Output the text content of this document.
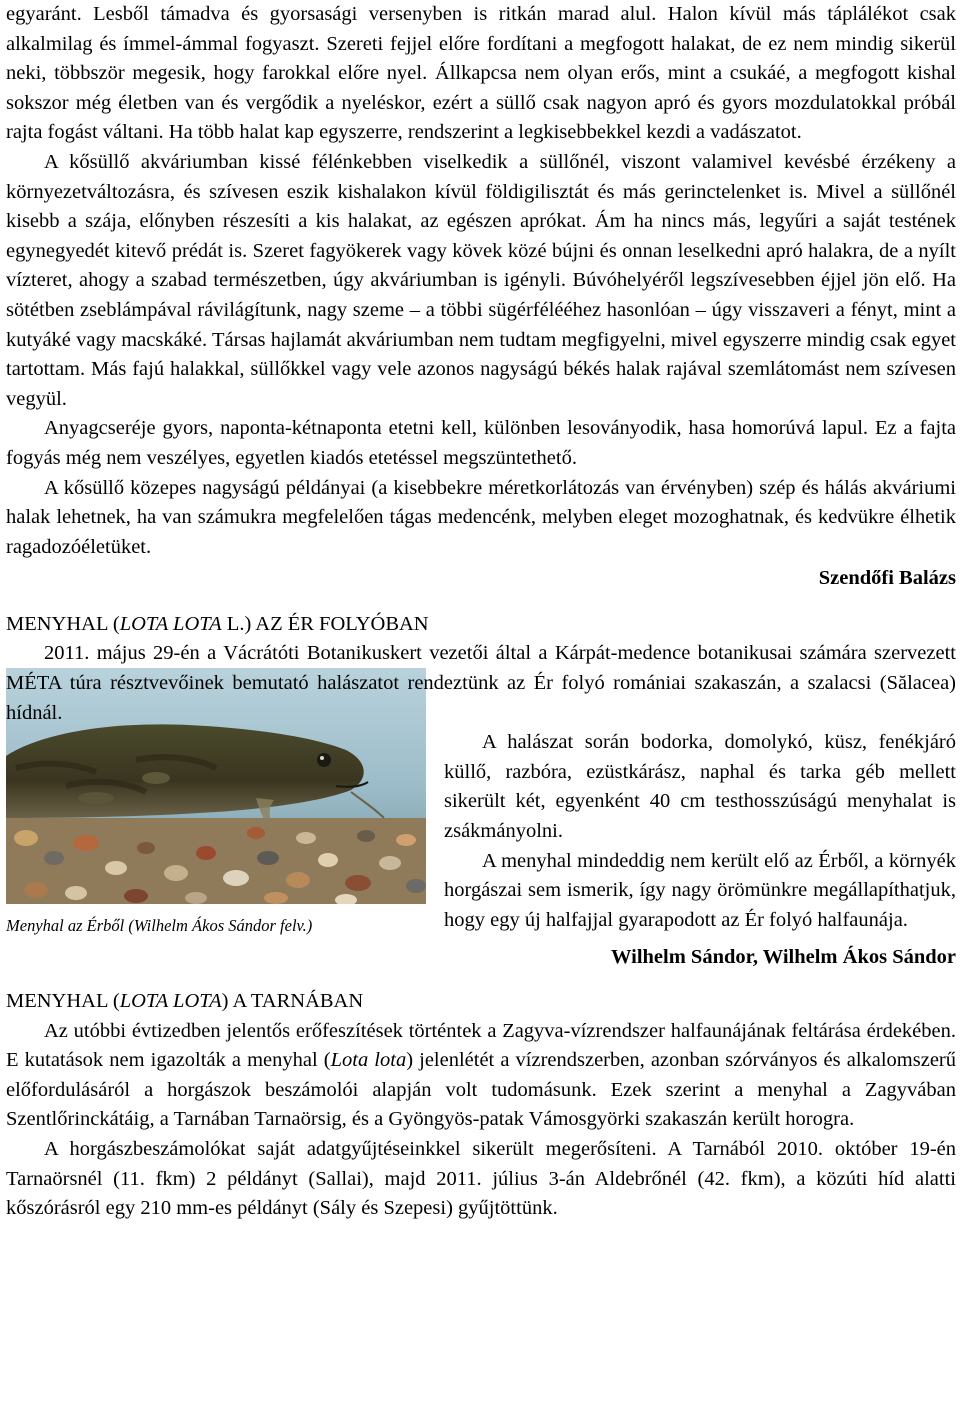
egyaránt. Lesből támadva és gyorsasági versenyben is ritkán marad alul. Halon kívül más táplálékot csak alkalmilag és ímmel-ámmal fogyaszt. Szereti fejjel előre fordítani a megfogott halakat, de ez nem mindig sikerül neki, többször megesik, hogy farokkal előre nyel. Állkapcsa nem olyan erős, mint a csukáé, a megfogott kishal sokszor még életben van és vergődik a nyeléskor, ezért a süllő csak nagyon apró és gyors mozdulatokkal próbál rajta fogást váltani. Ha több halat kap egyszerre, rendszerint a legkisebbekkel kezdi a vadászatot.

A kősüllő akváriumban kissé félénkebben viselkedik a süllőnél, viszont valamivel kevésbé érzékeny a környezetváltozásra, és szívesen eszik kishalakon kívül földigilisztát és más gerinctelenket is. Mivel a süllőnél kisebb a szája, előnyben részesíti a kis halakat, az egészen aprókat. Ám ha nincs más, legyűri a saját testének egynegyedét kitevő prédát is. Szeret fagyökerek vagy kövek közé bújni és onnan leselkedni apró halakra, de a nyílt vízteret, ahogy a szabad természetben, úgy akváriumban is igényli. Búvóhelyéről legszívesebben éjjel jön elő. Ha sötétben zseblámpával rávilágítunk, nagy szeme – a többi sügérfélééhez hasonlóan – úgy visszaveri a fényt, mint a kutyáké vagy macskáké. Társas hajlamát akváriumban nem tudtam megfigyelni, mivel egyszerre mindig csak egyet tartottam. Más fajú halakkal, süllőkkel vagy vele azonos nagyságú békés halak rajával szemlátomást nem szívesen vegyül.

Anyagcseréje gyors, naponta-kétnaponta etetni kell, különben lesoványodik, hasa homorúvá lapul. Ez a fajta fogyás még nem veszélyes, egyetlen kiadós etetéssel megszüntethető.

A kősüllő közepes nagyságú példányai (a kisebbekre méretkorlátozás van érvényben) szép és hálás akváriumi halak lehetnek, ha van számukra megfelelően tágas medencénk, melyben eleget mozoghatnak, és kedvükre élhetik ragadozóéletüket.

Szendőfi Balázs

MENYHAL (LOTA LOTA L.) AZ ÉR FOLYÓBAN

2011. május 29-én a Vácrátóti Botanikuskert vezetői által a Kárpát-medence botanikusai számára szervezett MÉTA túra résztvevőinek bemutató halászatot rendeztünk az Ér folyó romániai szakaszán, a szalacsi (Sălacea) hídnál.

Menyhal az Érből (Wilhelm Ákos Sándor felv.)

A halászat során bodorka, domolykó, küsz, fenékjáró küllő, razbóra, ezüstkárász, naphal és tarka géb mellett sikerült két, egyenként 40 cm testhosszúságú menyhalat is zsákmányolni.

A menyhal mindeddig nem került elő az Érből, a környék horgászai sem ismerik, így nagy örömünkre megállapíthatjuk, hogy egy új halfajjal gyarapodott az Ér folyó halfaunája.

Wilhelm Sándor, Wilhelm Ákos Sándor

MENYHAL (LOTA LOTA) A TARNÁBAN

Az utóbbi évtizedben jelentős erőfeszítések történtek a Zagyva-vízrendszer halfaunájának feltárása érdekében. E kutatások nem igazolták a menyhal (Lota lota) jelenlétét a vízrendszerben, azonban szórványos és alkalomszerű előfordulásáról a horgászok beszámolói alapján volt tudomásunk. Ezek szerint a menyhal a Zagyvában Szentlőrinckátáig, a Tarnában Tarnaörsig, és a Gyöngyös-patak Vámosgyörki szakaszán került horogra.

A horgászbeszámolókat saját adatgyűjtéseinkkel sikerült megerősíteni. A Tarnából 2010. október 19-én Tarnaörsnél (11. fkm) 2 példányt (Sallai), majd 2011. július 3-án Aldebrőnél (42. fkm), a közúti híd alatti kőszórásról egy 210 mm-es példányt (Sály és Szepesi) gyűjtöttünk.
